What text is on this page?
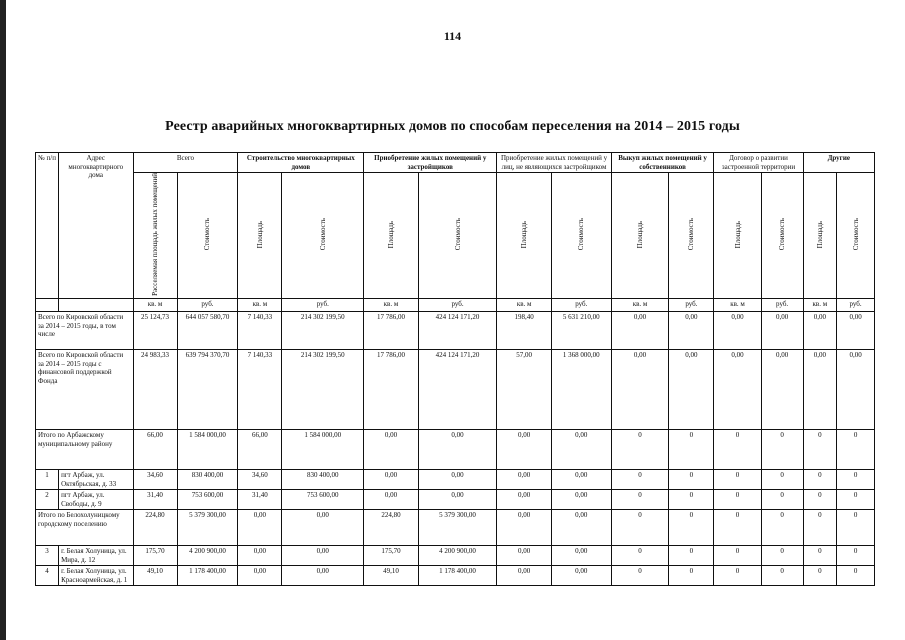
114
Реестр аварийных многоквартирных домов по способам переселения на 2014 – 2015 годы
№ п/п	Адрес многоквартирного дома	Всего		Строительство многоквартирных домов		Приобретение жилых помещений у застройщиков		Приобретение жилых помещений у лиц, не являющихся застройщиком		Выкуп жилых помещений у собственников		Договор о развитии застроенной территории		Другие	
		Расселяемая площадь жилых помещений	Стоимость	Площадь	Стоимость	Площадь	Стоимость	Площадь	Стоимость	Площадь	Стоимость	Площадь	Стоимость	Площадь	Стоимость
		кв. м	руб.	кв. м	руб.	кв. м	руб.	кв. м	руб.	кв. м	руб.	кв. м	руб.	кв. м	руб.
Всего по Кировской области за 2014 – 2015 годы, в том числе		25 124,73	644 057 580,70	7 140,33	214 302 199,50	17 786,00	424 124 171,20	198,40	5 631 210,00	0,00	0,00	0,00	0,00	0,00	0,00
Всего по Кировской области за 2014 – 2015 годы с финансовой поддержкой Фонда		24 983,33	639 794 370,70	7 140,33	214 302 199,50	17 786,00	424 124 171,20	57,00	1 368 000,00	0,00	0,00	0,00	0,00	0,00	0,00
Итого по Арбажскому муниципальному району		66,00	1 584 000,00	66,00	1 584 000,00	0,00	0,00	0,00	0,00	0	0	0	0	0	0
1	пгт Арбаж, ул. Октябрьская, д. 33	34,60	830 400,00	34,60	830 400,00	0,00	0,00	0,00	0,00	0	0	0	0	0	0
2	пгт Арбаж, ул. Свободы, д. 9	31,40	753 600,00	31,40	753 600,00	0,00	0,00	0,00	0,00	0	0	0	0	0	0
Итого по Белохолуницкому городскому поселению		224,80	5 379 300,00	0,00	0,00	224,80	5 379 300,00	0,00	0,00	0	0	0	0	0	0
3	г. Белая Холуница, ул. Мира, д. 12	175,70	4 200 900,00	0,00	0,00	175,70	4 200 900,00	0,00	0,00	0	0	0	0	0	0
4	г. Белая Холуница, ул. Красноармейская, д. 1	49,10	1 178 400,00	0,00	0,00	49,10	1 178 400,00	0,00	0,00	0	0	0	0	0	0
